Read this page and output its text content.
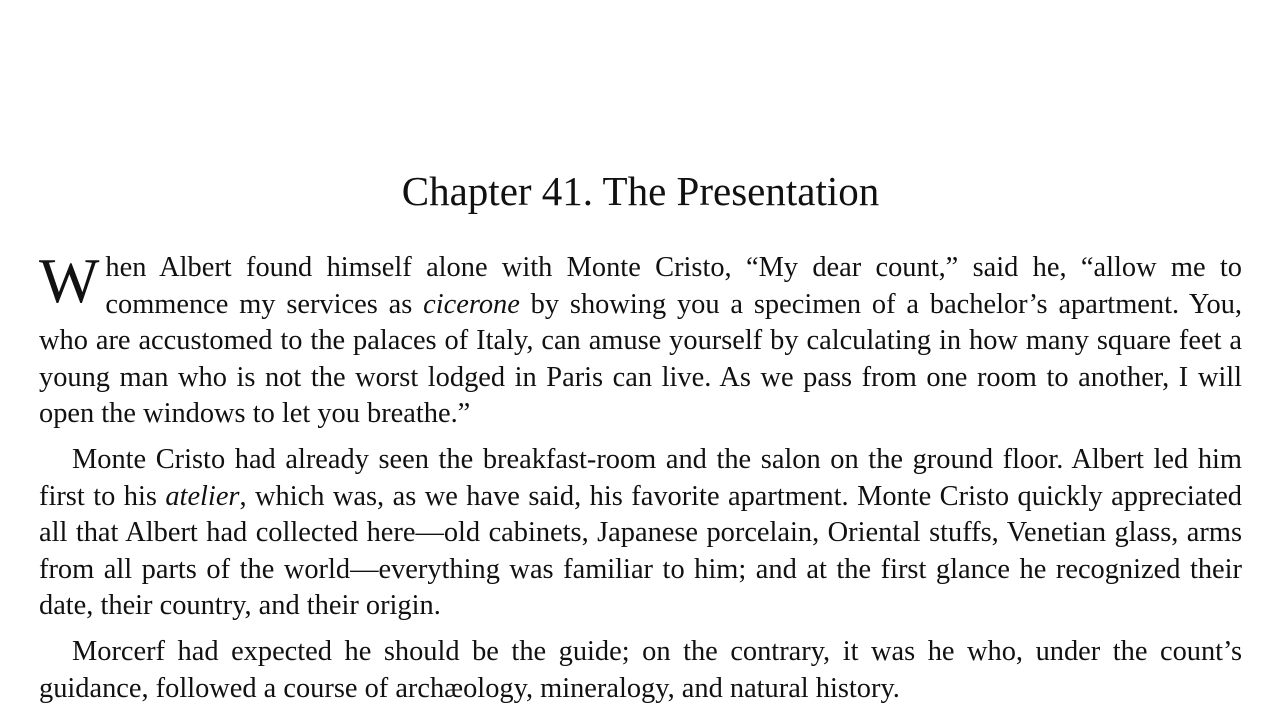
Chapter 41. The Presentation

When Albert found himself alone with Monte Cristo, “My dear count,” said he, “allow me to commence my services as cicerone by showing you a specimen of a bachelor’s apartment. You, who are accustomed to the palaces of Italy, can amuse yourself by calculating in how many square feet a young man who is not the worst lodged in Paris can live. As we pass from one room to another, I will open the windows to let you breathe.”

Monte Cristo had already seen the breakfast-room and the salon on the ground floor. Albert led him first to his atelier, which was, as we have said, his favorite apartment. Monte Cristo quickly appreciated all that Albert had collected here—old cabinets, Japanese porcelain, Oriental stuffs, Venetian glass, arms from all parts of the world—everything was familiar to him; and at the first glance he recognized their date, their country, and their origin.

Morcerf had expected he should be the guide; on the contrary, it was he who, under the count’s guidance, followed a course of archæology, mineralogy, and natural history.
